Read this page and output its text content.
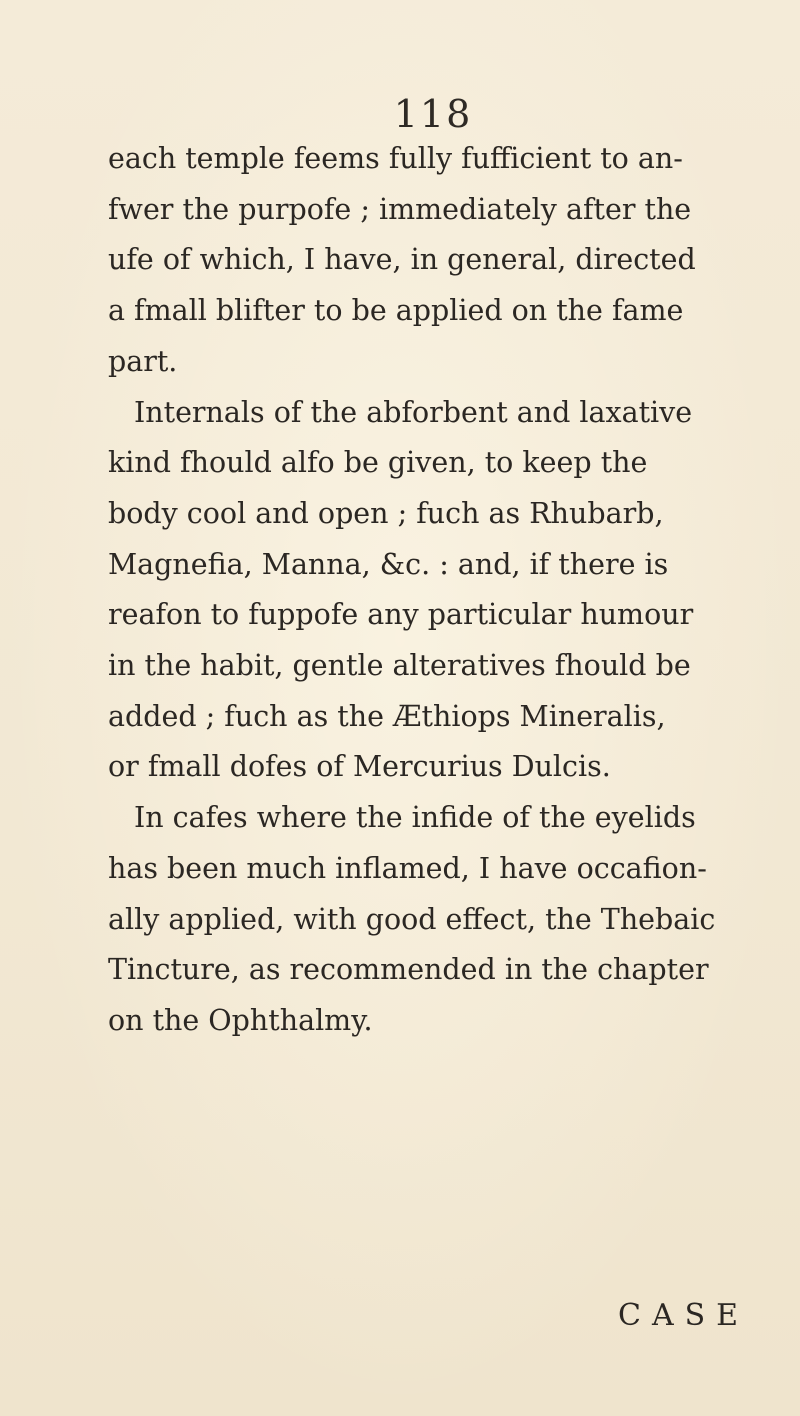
118
each temple feems fully fufficient to an-
fwer the purpofe ; immediately after the
ufe of which, I have, in general, directed
a fmall blifter to be applied on the fame
part.
Internals of the abforbent and laxative
kind fhould alfo be given, to keep the
body cool and open ; fuch as Rhubarb,
Magnefia, Manna, &c. : and, if there is
reafon to fuppofe any particular humour
in the habit, gentle alteratives fhould be
added ; fuch as the Æthiops Mineralis,
or fmall dofes of Mercurius Dulcis.
In cafes where the infide of the eyelids
has been much inflamed, I have occafion-
ally applied, with good effect, the Thebaic
Tincture, as recommended in the chapter
on the Ophthalmy.
CASE
